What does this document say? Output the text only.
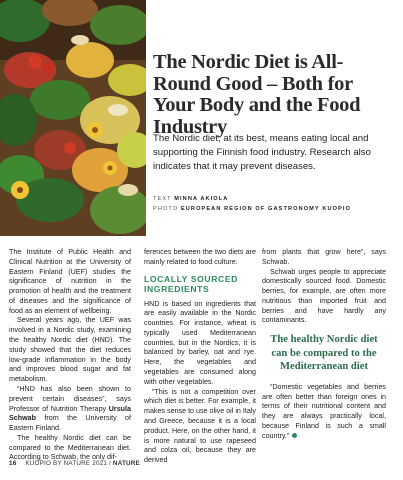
The Nordic Diet is All-Round Good – Both for Your Body and the Food Industry

The Nordic diet, at its best, means eating local and supporting the Finnish food industry. Research also indicates that it may prevent diseases.

TEXT MINNA AKIOLA
PHOTO EUROPEAN REGION OF GASTRONOMY KUOPIO

The Institute of Public Health and Clinical Nutrition at the University of Eastern Finland (UEF) studies the significance of nutrition in the promotion of health and the treatment of diseases and the significance of food as an element of wellbeing.

Several years ago, the UEF was involved in a Nordic study, examining the healthy Nordic diet (HND). The study showed that the diet reduces low-grade inflammation in the body and improves blood sugar and fat metabolism.

“HND has also been shown to prevent certain diseases”, says Professor of Nutrition Therapy Ursula Schwab from the University of Eastern Finland.

The healthy Nordic diet can be compared to the Mediterranean diet. According to Schwab, the only dif-

ferences between the two diets are mainly related to food culture.

LOCALLY SOURCED INGREDIENTS

HND is based on ingredients that are easily available in the Nordic countries. For instance, wheat is typically used Mediterranean countries, but in the Nordics, it is balanced by barley, oat and rye. Here, the vegetables and vegetables are consumed along with other vegetables.

“This is not a competition over which diet is better. For example, it makes sense to use olive oil in Italy and Greece, because it is a local product. Here, on the other hand, it is more natural to use rapeseed and colza oil, because they are derived

from plants that grow here”, says Schwab.

Schwab urges people to appreciate domestically sourced food. Domestic berries, for example, are often more nutritious than imported fruit and berries and have hardly any contaminants.

The healthy Nordic diet can be compared to the Mediterranean diet

“Domestic vegetables and berries are often better than foreign ones in terms of their nutritional content and they are always practically local, because Finland is such a small country.”

16 KUOPIO BY NATURE 2021 / NATURE
